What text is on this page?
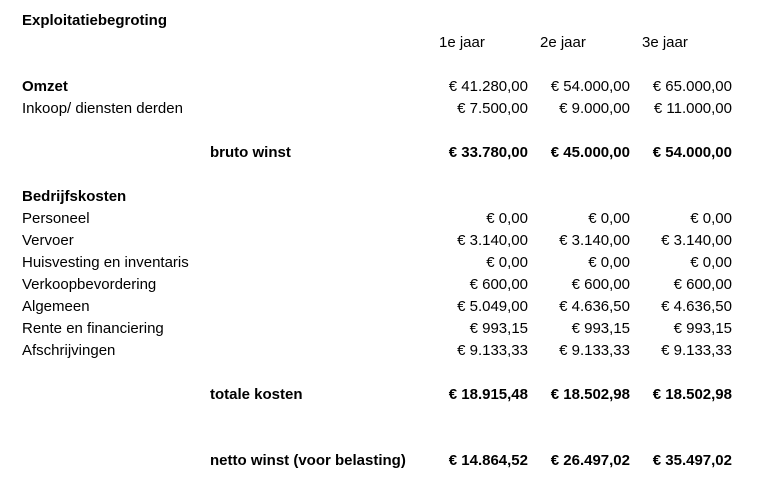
Exploitatiebegroting
1e jaar	2e jaar	3e jaar
Omzet	€ 41.280,00 € 54.000,00 € 65.000,00
Inkoop/ diensten derden	€ 7.500,00 € 9.000,00 € 11.000,00
bruto winst	€ 33.780,00 € 45.000,00 € 54.000,00
Bedrijfskosten
Personeel	€ 0,00	€ 0,00	€ 0,00
Vervoer	€ 3.140,00 € 3.140,00 € 3.140,00
Huisvesting en inventaris	€ 0,00	€ 0,00	€ 0,00
Verkoopbevordering	€ 600,00	€ 600,00	€ 600,00
Algemeen	€ 5.049,00 € 4.636,50 € 4.636,50
Rente en financiering	€ 993,15	€ 993,15	€ 993,15
Afschrijvingen	€ 9.133,33 € 9.133,33 € 9.133,33
totale kosten	€ 18.915,48 € 18.502,98 € 18.502,98
netto winst (voor belasting)	€ 14.864,52 € 26.497,02 € 35.497,02
